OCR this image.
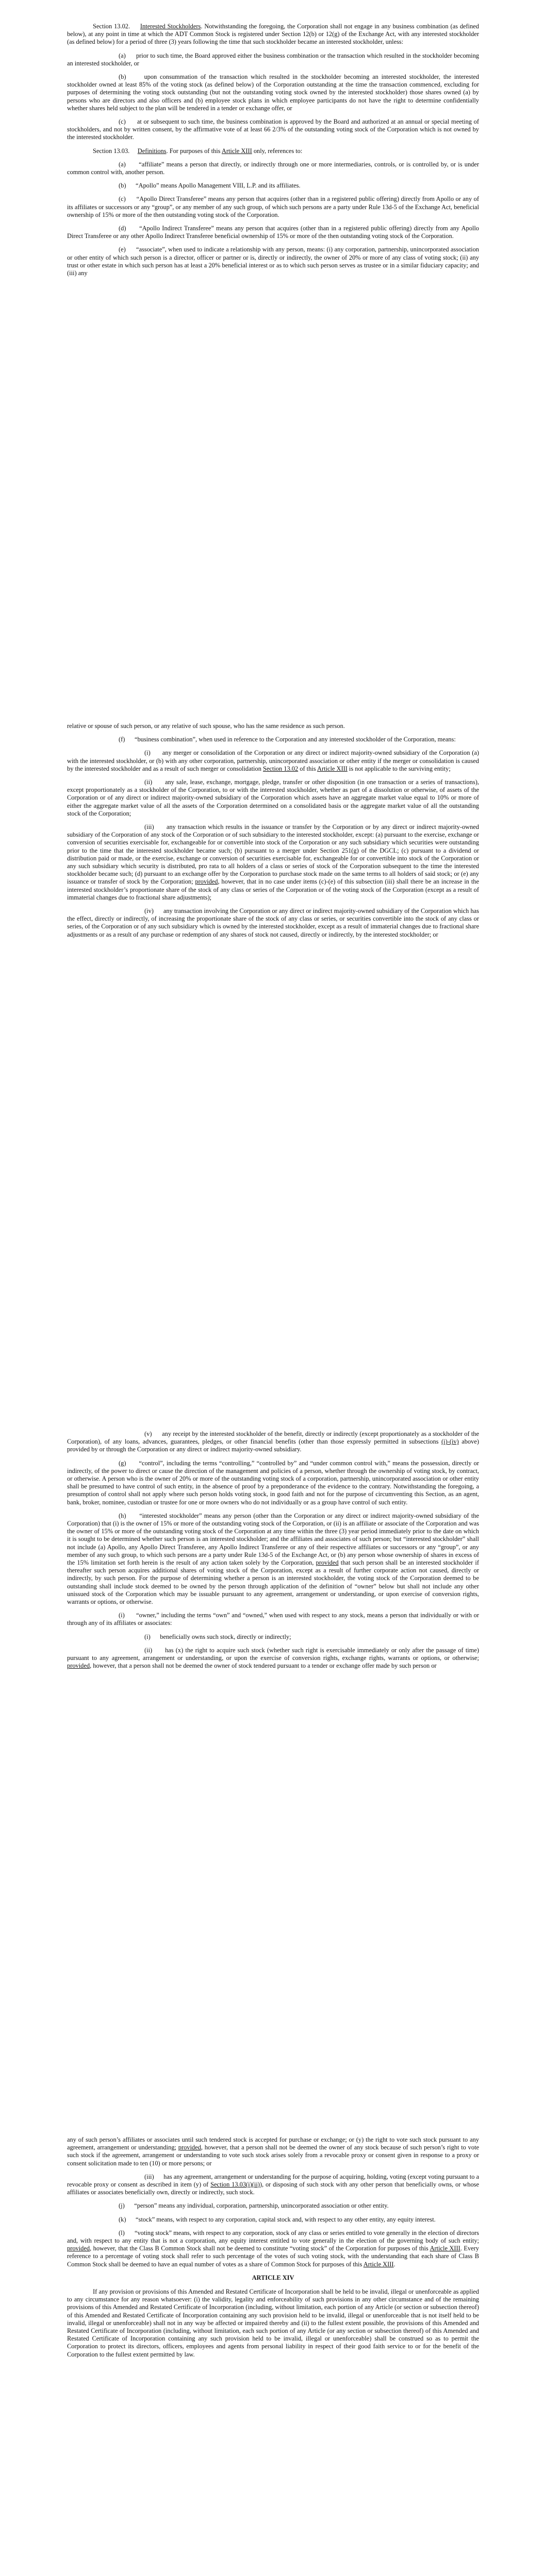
Section 13.02. Interested Stockholders. Notwithstanding the foregoing, the Corporation shall not engage in any business combination (as defined below), at any point in time at which the ADT Common Stock is registered under Section 12(b) or 12(g) of the Exchange Act, with any interested stockholder (as defined below) for a period of three (3) years following the time that such stockholder became an interested stockholder, unless:

(a)      prior to such time, the Board approved either the business combination or the transaction which resulted in the stockholder becoming an interested stockholder, or

(b)      upon consummation of the transaction which resulted in the stockholder becoming an interested stockholder, the interested stockholder owned at least 85% of the voting stock (as defined below) of the Corporation outstanding at the time the transaction commenced, excluding for purposes of determining the voting stock outstanding (but not the outstanding voting stock owned by the interested stockholder) those shares owned (a) by persons who are directors and also officers and (b) employee stock plans in which employee participants do not have the right to determine confidentially whether shares held subject to the plan will be tendered in a tender or exchange offer, or

(c)      at or subsequent to such time, the business combination is approved by the Board and authorized at an annual or special meeting of stockholders, and not by written consent, by the affirmative vote of at least 66 2/3% of the outstanding voting stock of the Corporation which is not owned by the interested stockholder.

Section 13.03. Definitions. For purposes of this Article XIII only, references to:

(a)      “affiliate” means a person that directly, or indirectly through one or more intermediaries, controls, or is controlled by, or is under common control with, another person.

(b)      “Apollo” means Apollo Management VIII, L.P. and its affiliates.

(c)      “Apollo Direct Transferee” means any person that acquires (other than in a registered public offering) directly from Apollo or any of its affiliates or successors or any “group”, or any member of any such group, of which such persons are a party under Rule 13d-5 of the Exchange Act, beneficial ownership of 15% or more of the then outstanding voting stock of the Corporation.

(d)      “Apollo Indirect Transferee” means any person that acquires (other than in a registered public offering) directly from any Apollo Direct Transferee or any other Apollo Indirect Transferee beneficial ownership of 15% or more of the then outstanding voting stock of the Corporation.

(e)      “associate”, when used to indicate a relationship with any person, means: (i) any corporation, partnership, unincorporated association or other entity of which such person is a director, officer or partner or is, directly or indirectly, the owner of 20% or more of any class of voting stock; (ii) any trust or other estate in which such person has at least a 20% beneficial interest or as to which such person serves as trustee or in a similar fiduciary capacity; and (iii) any

relative or spouse of such person, or any relative of such spouse, who has the same residence as such person.

(f)      “business combination”, when used in reference to the Corporation and any interested stockholder of the Corporation, means:

(i)      any merger or consolidation of the Corporation or any direct or indirect majority-owned subsidiary of the Corporation (a) with the interested stockholder, or (b) with any other corporation, partnership, unincorporated association or other entity if the merger or consolidation is caused by the interested stockholder and as a result of such merger or consolidation Section 13.02 of this Article XIII is not applicable to the surviving entity;

(ii)      any sale, lease, exchange, mortgage, pledge, transfer or other disposition (in one transaction or a series of transactions), except proportionately as a stockholder of the Corporation, to or with the interested stockholder, whether as part of a dissolution or otherwise, of assets of the Corporation or of any direct or indirect majority-owned subsidiary of the Corporation which assets have an aggregate market value equal to 10% or more of either the aggregate market value of all the assets of the Corporation determined on a consolidated basis or the aggregate market value of all the outstanding stock of the Corporation;

(iii)      any transaction which results in the issuance or transfer by the Corporation or by any direct or indirect majority-owned subsidiary of the Corporation of any stock of the Corporation or of such subsidiary to the interested stockholder, except: (a) pursuant to the exercise, exchange or conversion of securities exercisable for, exchangeable for or convertible into stock of the Corporation or any such subsidiary which securities were outstanding prior to the time that the interested stockholder became such; (b) pursuant to a merger under Section 251(g) of the DGCL; (c) pursuant to a dividend or distribution paid or made, or the exercise, exchange or conversion of securities exercisable for, exchangeable for or convertible into stock of the Corporation or any such subsidiary which security is distributed, pro rata to all holders of a class or series of stock of the Corporation subsequent to the time the interested stockholder became such; (d) pursuant to an exchange offer by the Corporation to purchase stock made on the same terms to all holders of said stock; or (e) any issuance or transfer of stock by the Corporation; provided, however, that in no case under items (c)-(e) of this subsection (iii) shall there be an increase in the interested stockholder’s proportionate share of the stock of any class or series of the Corporation or of the voting stock of the Corporation (except as a result of immaterial changes due to fractional share adjustments);

(iv)      any transaction involving the Corporation or any direct or indirect majority-owned subsidiary of the Corporation which has the effect, directly or indirectly, of increasing the proportionate share of the stock of any class or series, or securities convertible into the stock of any class or series, of the Corporation or of any such subsidiary which is owned by the interested stockholder, except as a result of immaterial changes due to fractional share adjustments or as a result of any purchase or redemption of any shares of stock not caused, directly or indirectly, by the interested stockholder; or

(v)      any receipt by the interested stockholder of the benefit, directly or indirectly (except proportionately as a stockholder of the Corporation), of any loans, advances, guarantees, pledges, or other financial benefits (other than those expressly permitted in subsections (i)-(iv) above) provided by or through the Corporation or any direct or indirect majority-owned subsidiary.

(g)      “control”, including the terms “controlling,” “controlled by” and “under common control with,” means the possession, directly or indirectly, of the power to direct or cause the direction of the management and policies of a person, whether through the ownership of voting stock, by contract, or otherwise. A person who is the owner of 20% or more of the outstanding voting stock of a corporation, partnership, unincorporated association or other entity shall be presumed to have control of such entity, in the absence of proof by a preponderance of the evidence to the contrary. Notwithstanding the foregoing, a presumption of control shall not apply where such person holds voting stock, in good faith and not for the purpose of circumventing this Section, as an agent, bank, broker, nominee, custodian or trustee for one or more owners who do not individually or as a group have control of such entity.

(h)      “interested stockholder” means any person (other than the Corporation or any direct or indirect majority-owned subsidiary of the Corporation) that (i) is the owner of 15% or more of the outstanding voting stock of the Corporation, or (ii) is an affiliate or associate of the Corporation and was the owner of 15% or more of the outstanding voting stock of the Corporation at any time within the three (3) year period immediately prior to the date on which it is sought to be determined whether such person is an interested stockholder; and the affiliates and associates of such person; but “interested stockholder” shall not include (a) Apollo, any Apollo Direct Transferee, any Apollo Indirect Transferee or any of their respective affiliates or successors or any “group”, or any member of any such group, to which such persons are a party under Rule 13d-5 of the Exchange Act, or (b) any person whose ownership of shares in excess of the 15% limitation set forth herein is the result of any action taken solely by the Corporation, provided that such person shall be an interested stockholder if thereafter such person acquires additional shares of voting stock of the Corporation, except as a result of further corporate action not caused, directly or indirectly, by such person. For the purpose of determining whether a person is an interested stockholder, the voting stock of the Corporation deemed to be outstanding shall include stock deemed to be owned by the person through application of the definition of “owner” below but shall not include any other unissued stock of the Corporation which may be issuable pursuant to any agreement, arrangement or understanding, or upon exercise of conversion rights, warrants or options, or otherwise.

(i)      “owner,” including the terms “own” and “owned,” when used with respect to any stock, means a person that individually or with or through any of its affiliates or associates:

(i)      beneficially owns such stock, directly or indirectly;

(ii)      has (x) the right to acquire such stock (whether such right is exercisable immediately or only after the passage of time) pursuant to any agreement, arrangement or understanding, or upon the exercise of conversion rights, exchange rights, warrants or options, or otherwise; provided, however, that a person shall not be deemed the owner of stock tendered pursuant to a tender or exchange offer made by such person or

any of such person’s affiliates or associates until such tendered stock is accepted for purchase or exchange; or (y) the right to vote such stock pursuant to any agreement, arrangement or understanding; provided, however, that a person shall not be deemed the owner of any stock because of such person’s right to vote such stock if the agreement, arrangement or understanding to vote such stock arises solely from a revocable proxy or consent given in response to a proxy or consent solicitation made to ten (10) or more persons; or

(iii)      has any agreement, arrangement or understanding for the purpose of acquiring, holding, voting (except voting pursuant to a revocable proxy or consent as described in item (y) of Section 13.03(i)(ii)), or disposing of such stock with any other person that beneficially owns, or whose affiliates or associates beneficially own, directly or indirectly, such stock.

(j)      “person” means any individual, corporation, partnership, unincorporated association or other entity.

(k)      “stock” means, with respect to any corporation, capital stock and, with respect to any other entity, any equity interest.

(l)      “voting stock” means, with respect to any corporation, stock of any class or series entitled to vote generally in the election of directors and, with respect to any entity that is not a corporation, any equity interest entitled to vote generally in the election of the governing body of such entity; provided, however, that the Class B Common Stock shall not be deemed to constitute “voting stock” of the Corporation for purposes of this Article XIII. Every reference to a percentage of voting stock shall refer to such percentage of the votes of such voting stock, with the understanding that each share of Class B Common Stock shall be deemed to have an equal number of votes as a share of Common Stock for purposes of this Article XIII.

ARTICLE XIV

If any provision or provisions of this Amended and Restated Certificate of Incorporation shall be held to be invalid, illegal or unenforceable as applied to any circumstance for any reason whatsoever: (i) the validity, legality and enforceability of such provisions in any other circumstance and of the remaining provisions of this Amended and Restated Certificate of Incorporation (including, without limitation, each portion of any Article (or section or subsection thereof) of this Amended and Restated Certificate of Incorporation containing any such provision held to be invalid, illegal or unenforceable that is not itself held to be invalid, illegal or unenforceable) shall not in any way be affected or impaired thereby and (ii) to the fullest extent possible, the provisions of this Amended and Restated Certificate of Incorporation (including, without limitation, each such portion of any Article (or any section or subsection thereof) of this Amended and Restated Certificate of Incorporation containing any such provision held to be invalid, illegal or unenforceable) shall be construed so as to permit the Corporation to protect its directors, officers, employees and agents from personal liability in respect of their good faith service to or for the benefit of the Corporation to the fullest extent permitted by law.
